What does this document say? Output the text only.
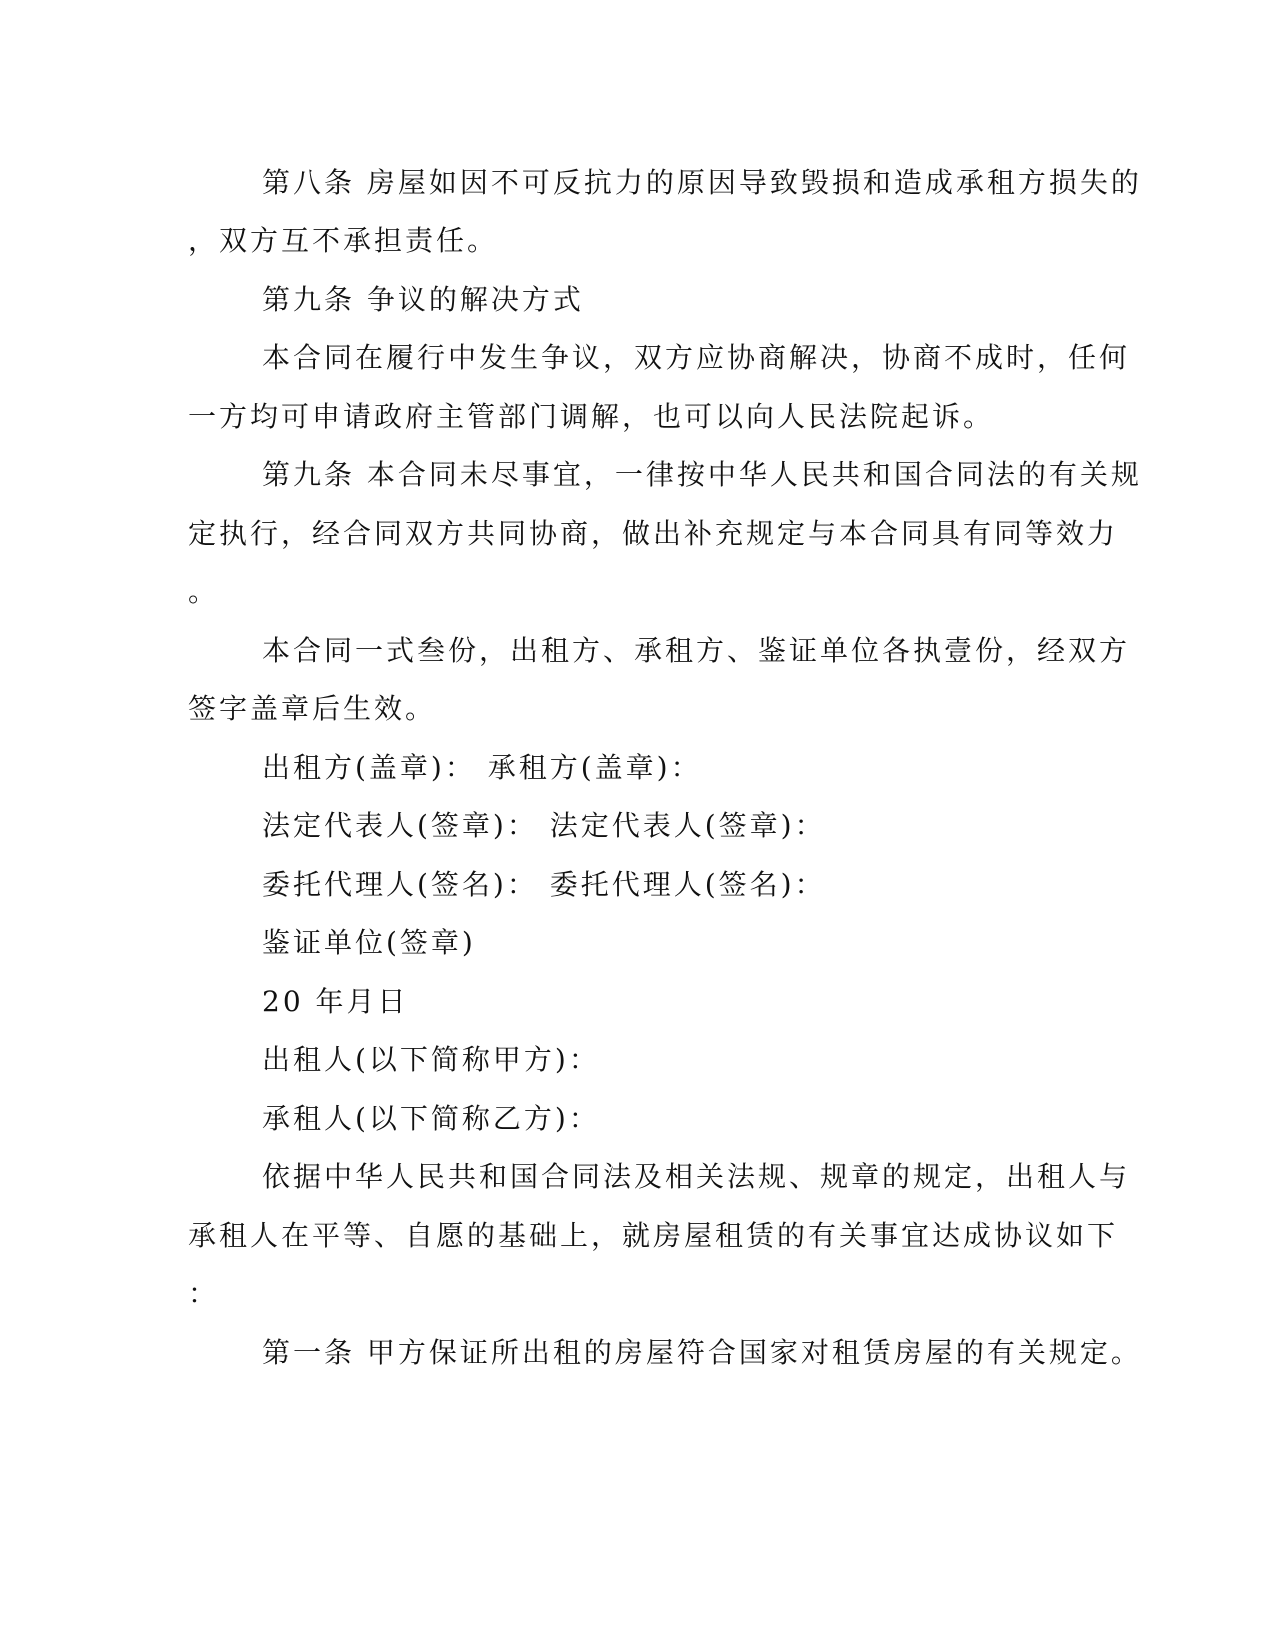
第八条 房屋如因不可反抗力的原因导致毁损和造成承租方损失的

，双方互不承担责任。

第九条 争议的解决方式

本合同在履行中发生争议，双方应协商解决，协商不成时，任何

一方均可申请政府主管部门调解，也可以向人民法院起诉。

第九条 本合同未尽事宜，一律按中华人民共和国合同法的有关规

定执行，经合同双方共同协商，做出补充规定与本合同具有同等效力

。

本合同一式叁份，出租方、承租方、鉴证单位各执壹份，经双方

签字盖章后生效。

出租方(盖章)： 承租方(盖章)：

法定代表人(签章)： 法定代表人(签章)：

委托代理人(签名)： 委托代理人(签名)：

鉴证单位(签章)

20 年月日

出租人(以下简称甲方)：

承租人(以下简称乙方)：

依据中华人民共和国合同法及相关法规、规章的规定，出租人与

承租人在平等、自愿的基础上，就房屋租赁的有关事宜达成协议如下

：

第一条 甲方保证所出租的房屋符合国家对租赁房屋的有关规定。
